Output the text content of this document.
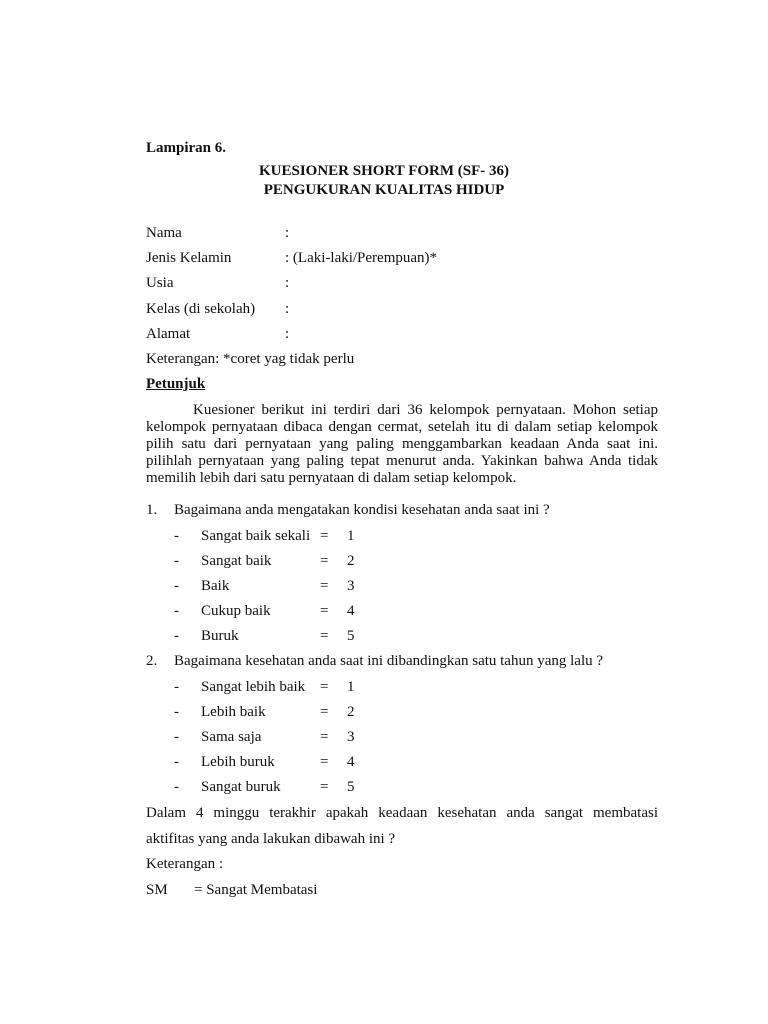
Lampiran 6.
KUESIONER SHORT FORM (SF- 36)
PENGUKURAN KUALITAS HIDUP
Nama	:
Jenis Kelamin	: (Laki-laki/Perempuan)*
Usia	:
Kelas (di sekolah) :
Alamat	:
Keterangan: *coret yag tidak perlu
Petunjuk
Kuesioner berikut ini terdiri dari 36 kelompok pernyataan. Mohon setiap
kelompok pernyataan dibaca dengan cermat, setelah itu di dalam setiap kelompok
pilih satu dari pernyataan yang paling menggambarkan keadaan Anda saat ini.
pilihlah pernyataan yang paling tepat menurut anda. Yakinkan bahwa Anda tidak
memilih lebih dari satu pernyataan di dalam setiap kelompok.
1. Bagaimana anda mengatakan kondisi kesehatan anda saat ini ?
- Sangat baik sekali = 1
- Sangat baik	= 2
- Baik	= 3
- Cukup baik	= 4
- Buruk	= 5
2. Bagaimana kesehatan anda saat ini dibandingkan satu tahun yang lalu ?
- Sangat lebih baik = 1
- Lebih baik	= 2
- Sama saja	= 3
- Lebih buruk	= 4
- Sangat buruk	= 5
Dalam 4 minggu terakhir apakah keadaan kesehatan anda sangat membatasi
aktifitas yang anda lakukan dibawah ini ?
Keterangan :
SM = Sangat Membatasi
